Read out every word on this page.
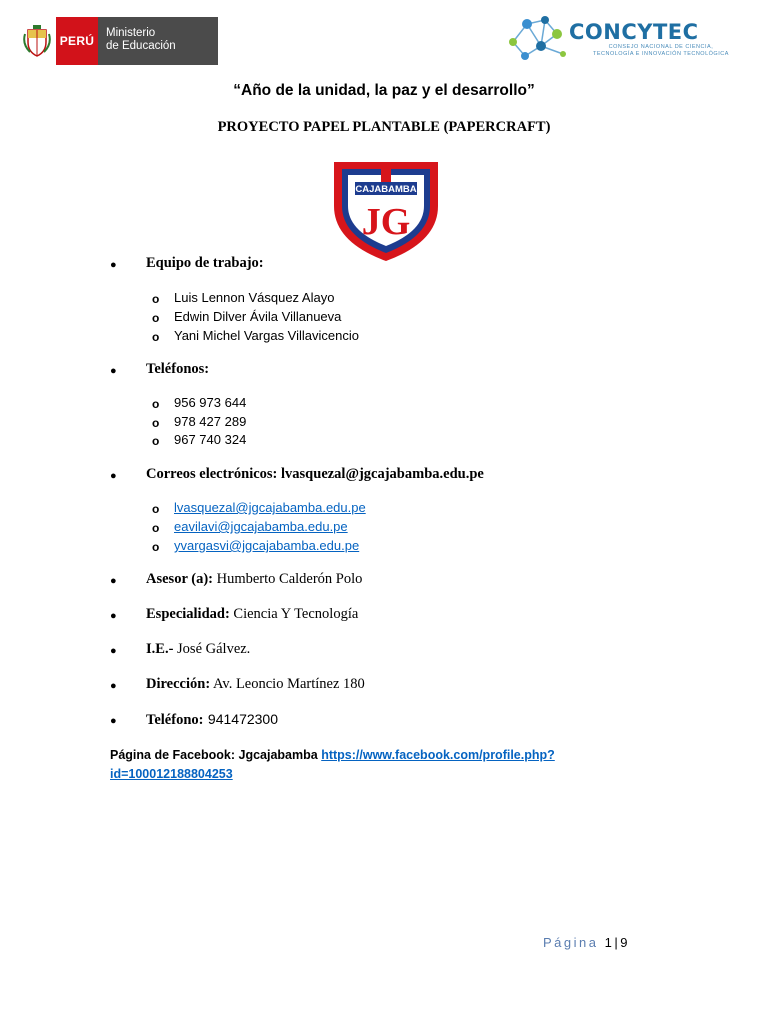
PERÚ
Ministerio
de Educación
CONCYTEC
CONSEJO NACIONAL DE CIENCIA,
TECNOLOGÍA E INNOVACIÓN TECNOLÓGICA
“Año de la unidad, la paz y el desarrollo”
PROYECTO PAPEL PLANTABLE (PAPERCRAFT)
CAJABAMBA
JG
● Equipo de trabajo:
o Luis Lennon Vásquez Alayo
o Edwin Dilver Ávila Villanueva
o Yani Michel Vargas Villavicencio
● Teléfonos:
o 956 973 644
o 978 427 289
o 967 740 324
● Correos electrónicos: lvasquezal@jgcajabamba.edu.pe
o lvasquezal@jgcajabamba.edu.pe
o eavilavi@jgcajabamba.edu.pe
o yvargasvi@jgcajabamba.edu.pe
● Asesor (a): Humberto Calderón Polo
● Especialidad: Ciencia Y Tecnología
● I.E.- José Gálvez.
● Dirección: Av. Leoncio Martínez 180
● Teléfono: 941472300
Página de Facebook: Jgcajabamba https://www.facebook.com/profile.php?
id=100012188804253
Página 1|9
